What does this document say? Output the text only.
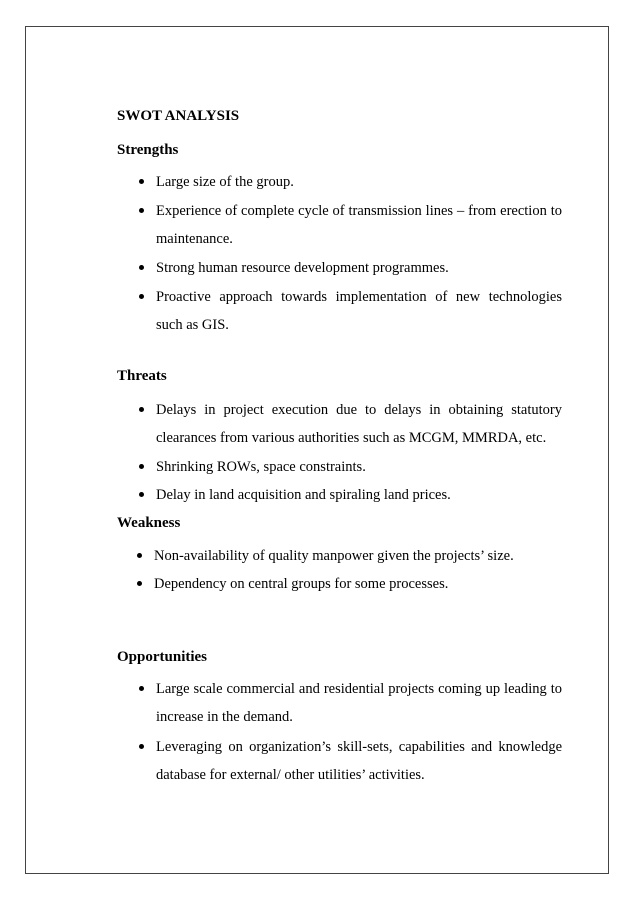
SWOT ANALYSIS
Strengths
Large size of the group.
Experience of complete cycle of transmission lines – from erection to maintenance.
Strong human resource development programmes.
Proactive approach towards implementation of new technologies such as GIS.
Threats
Delays in project execution due to delays in obtaining statutory clearances from various authorities such as MCGM, MMRDA, etc.
Shrinking ROWs, space constraints.
Delay in land acquisition and spiraling land prices.
Weakness
Non-availability of quality manpower given the projects’ size.
Dependency on central groups for some processes.
Opportunities
Large scale commercial and residential projects coming up leading to increase in the demand.
Leveraging on organization’s skill-sets, capabilities and knowledge database for external/ other utilities’ activities.
